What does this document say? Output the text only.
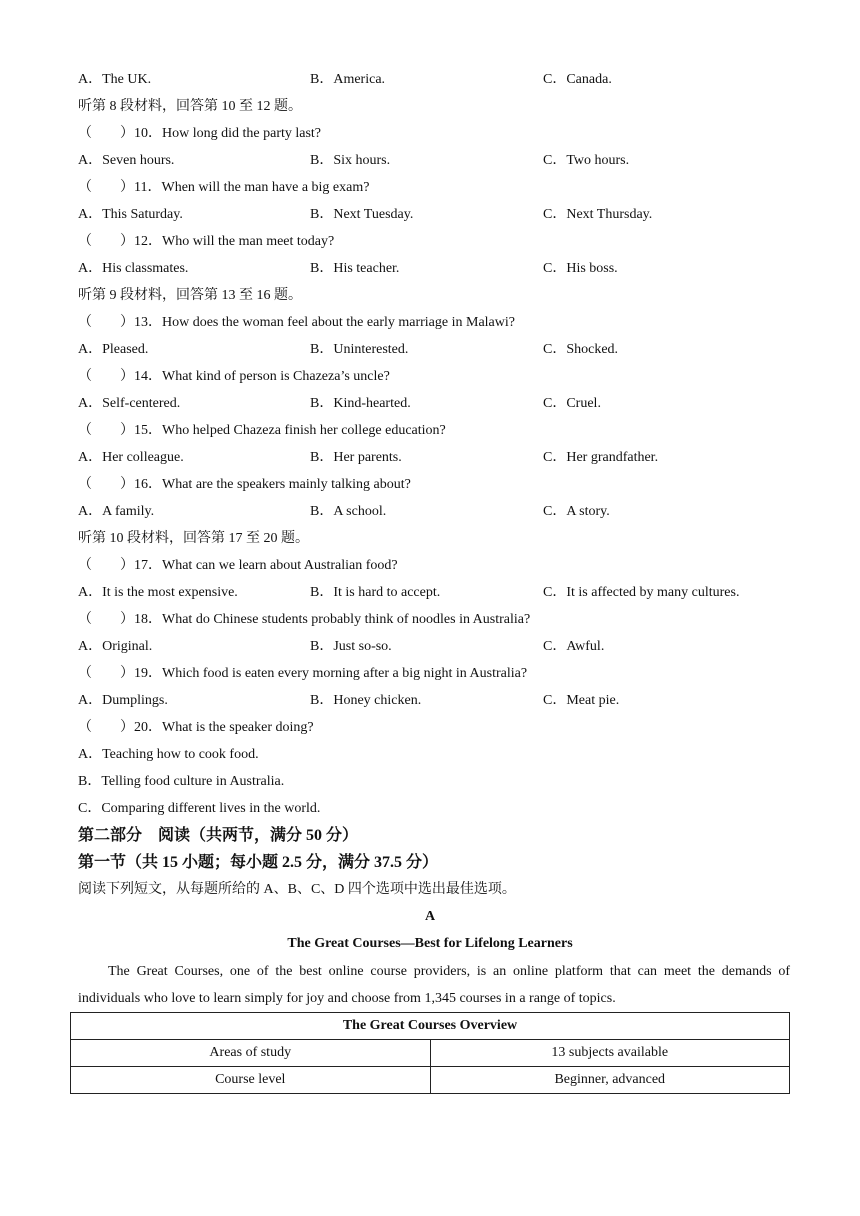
A．The UK.	B．America.	C．Canada.
听第 8 段材料，回答第 10 至 12 题。
（　　）10．How long did the party last?
A．Seven hours.	B．Six hours.	C．Two hours.
（　　）11．When will the man have a big exam?
A．This Saturday.	B．Next Tuesday.	C．Next Thursday.
（　　）12．Who will the man meet today?
A．His classmates.	B．His teacher.	C．His boss.
听第 9 段材料，回答第 13 至 16 题。
（　　）13．How does the woman feel about the early marriage in Malawi?
A．Pleased.	B．Uninterested.	C．Shocked.
（　　）14．What kind of person is Chazeza’s uncle?
A．Self-centered.	B．Kind-hearted.	C．Cruel.
（　　）15．Who helped Chazeza finish her college education?
A．Her colleague.	B．Her parents.	C．Her grandfather.
（　　）16．What are the speakers mainly talking about?
A．A family.	B．A school.	C．A story.
听第 10 段材料，回答第 17 至 20 题。
（　　）17．What can we learn about Australian food?
A．It is the most expensive.	B．It is hard to accept.	C．It is affected by many cultures.
（　　）18．What do Chinese students probably think of noodles in Australia?
A．Original.	B．Just so-so.	C．Awful.
（　　）19．Which food is eaten every morning after a big night in Australia?
A．Dumplings.	B．Honey chicken.	C．Meat pie.
（　　）20．What is the speaker doing?
A．Teaching how to cook food.
B．Telling food culture in Australia.
C．Comparing different lives in the world.
第二部分　阅读（共两节，满分 50 分）
第一节（共 15 小题；每小题 2.5 分，满分 37.5 分）
阅读下列短文，从每题所给的 A、B、C、D 四个选项中选出最佳选项。
A
The Great Courses—Best for Lifelong Learners
The Great Courses, one of the best online course providers, is an online platform that can meet the demands of individuals who love to learn simply for joy and choose from 1,345 courses in a range of topics.
The Great Courses Overview	
Areas of study	13 subjects available
Course level	Beginner, advanced
